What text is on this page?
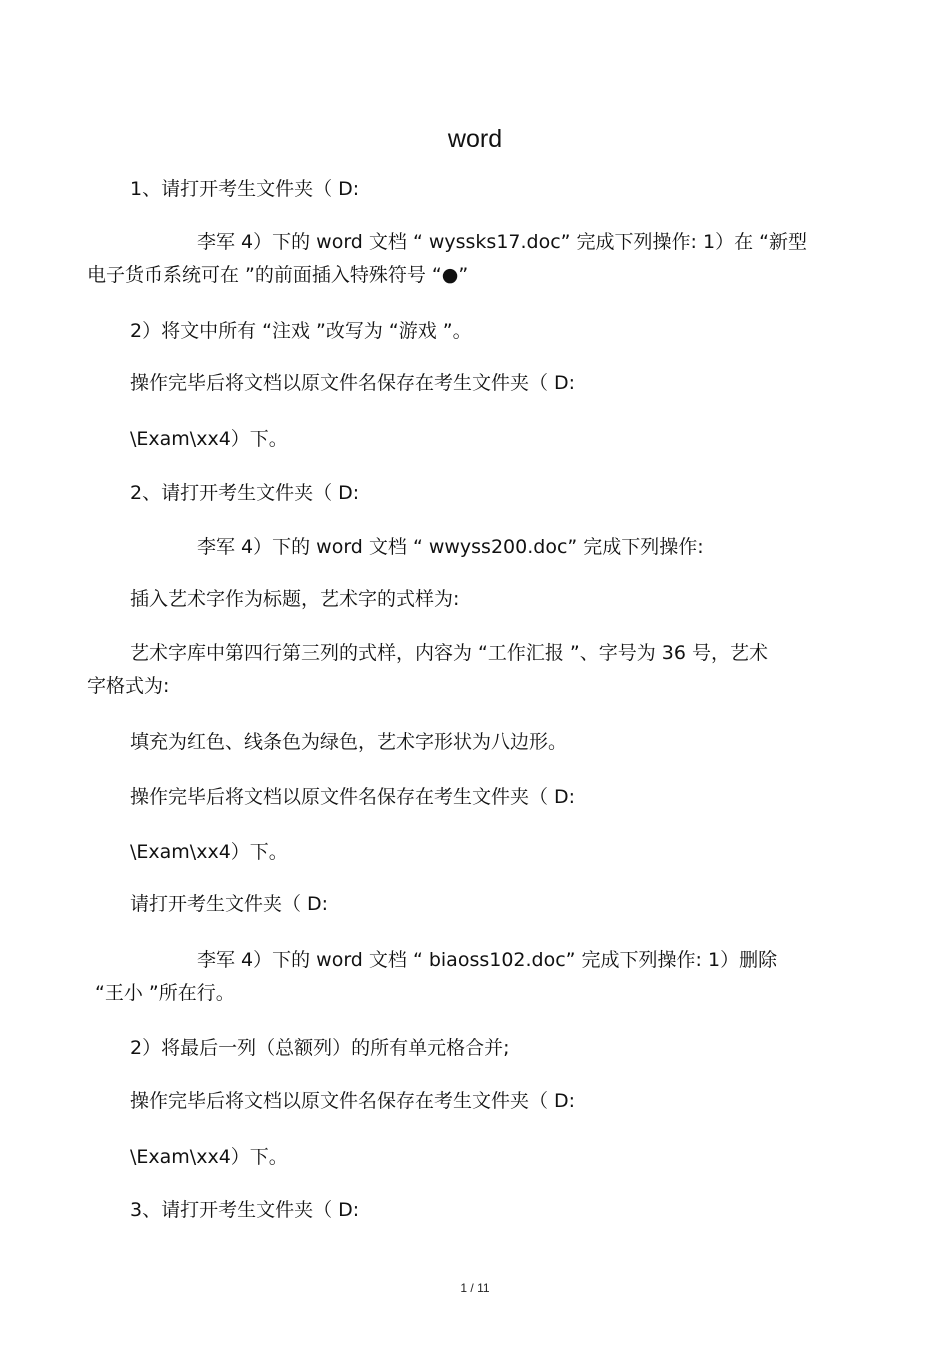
word
1、请打开考生文件夹（ D:
李军 4）下的 word 文档 “ wyssks17.doc” 完成下列操作: 1）在 “新型
电子货币系统可在 ”的前面插入特殊符号 “●”
2）将文中所有 “注戏 ”改写为 “游戏 ”。
操作完毕后将文档以原文件名保存在考生文件夹（ D:
\Exam\xx4）下。
2、请打开考生文件夹（ D:
李军 4）下的 word 文档 “ wwyss200.doc” 完成下列操作:
插入艺术字作为标题，艺术字的式样为:
艺术字库中第四行第三列的式样，内容为 “工作汇报 ”、字号为 36 号，艺术
字格式为:
填充为红色、线条色为绿色，艺术字形状为八边形。
操作完毕后将文档以原文件名保存在考生文件夹（ D:
\Exam\xx4）下。
请打开考生文件夹（ D:
李军 4）下的 word 文档 “ biaoss102.doc” 完成下列操作: 1）删除
“王小 ”所在行。
2）将最后一列（总额列）的所有单元格合并;
操作完毕后将文档以原文件名保存在考生文件夹（ D:
\Exam\xx4）下。
3、请打开考生文件夹（ D:
1 / 11
